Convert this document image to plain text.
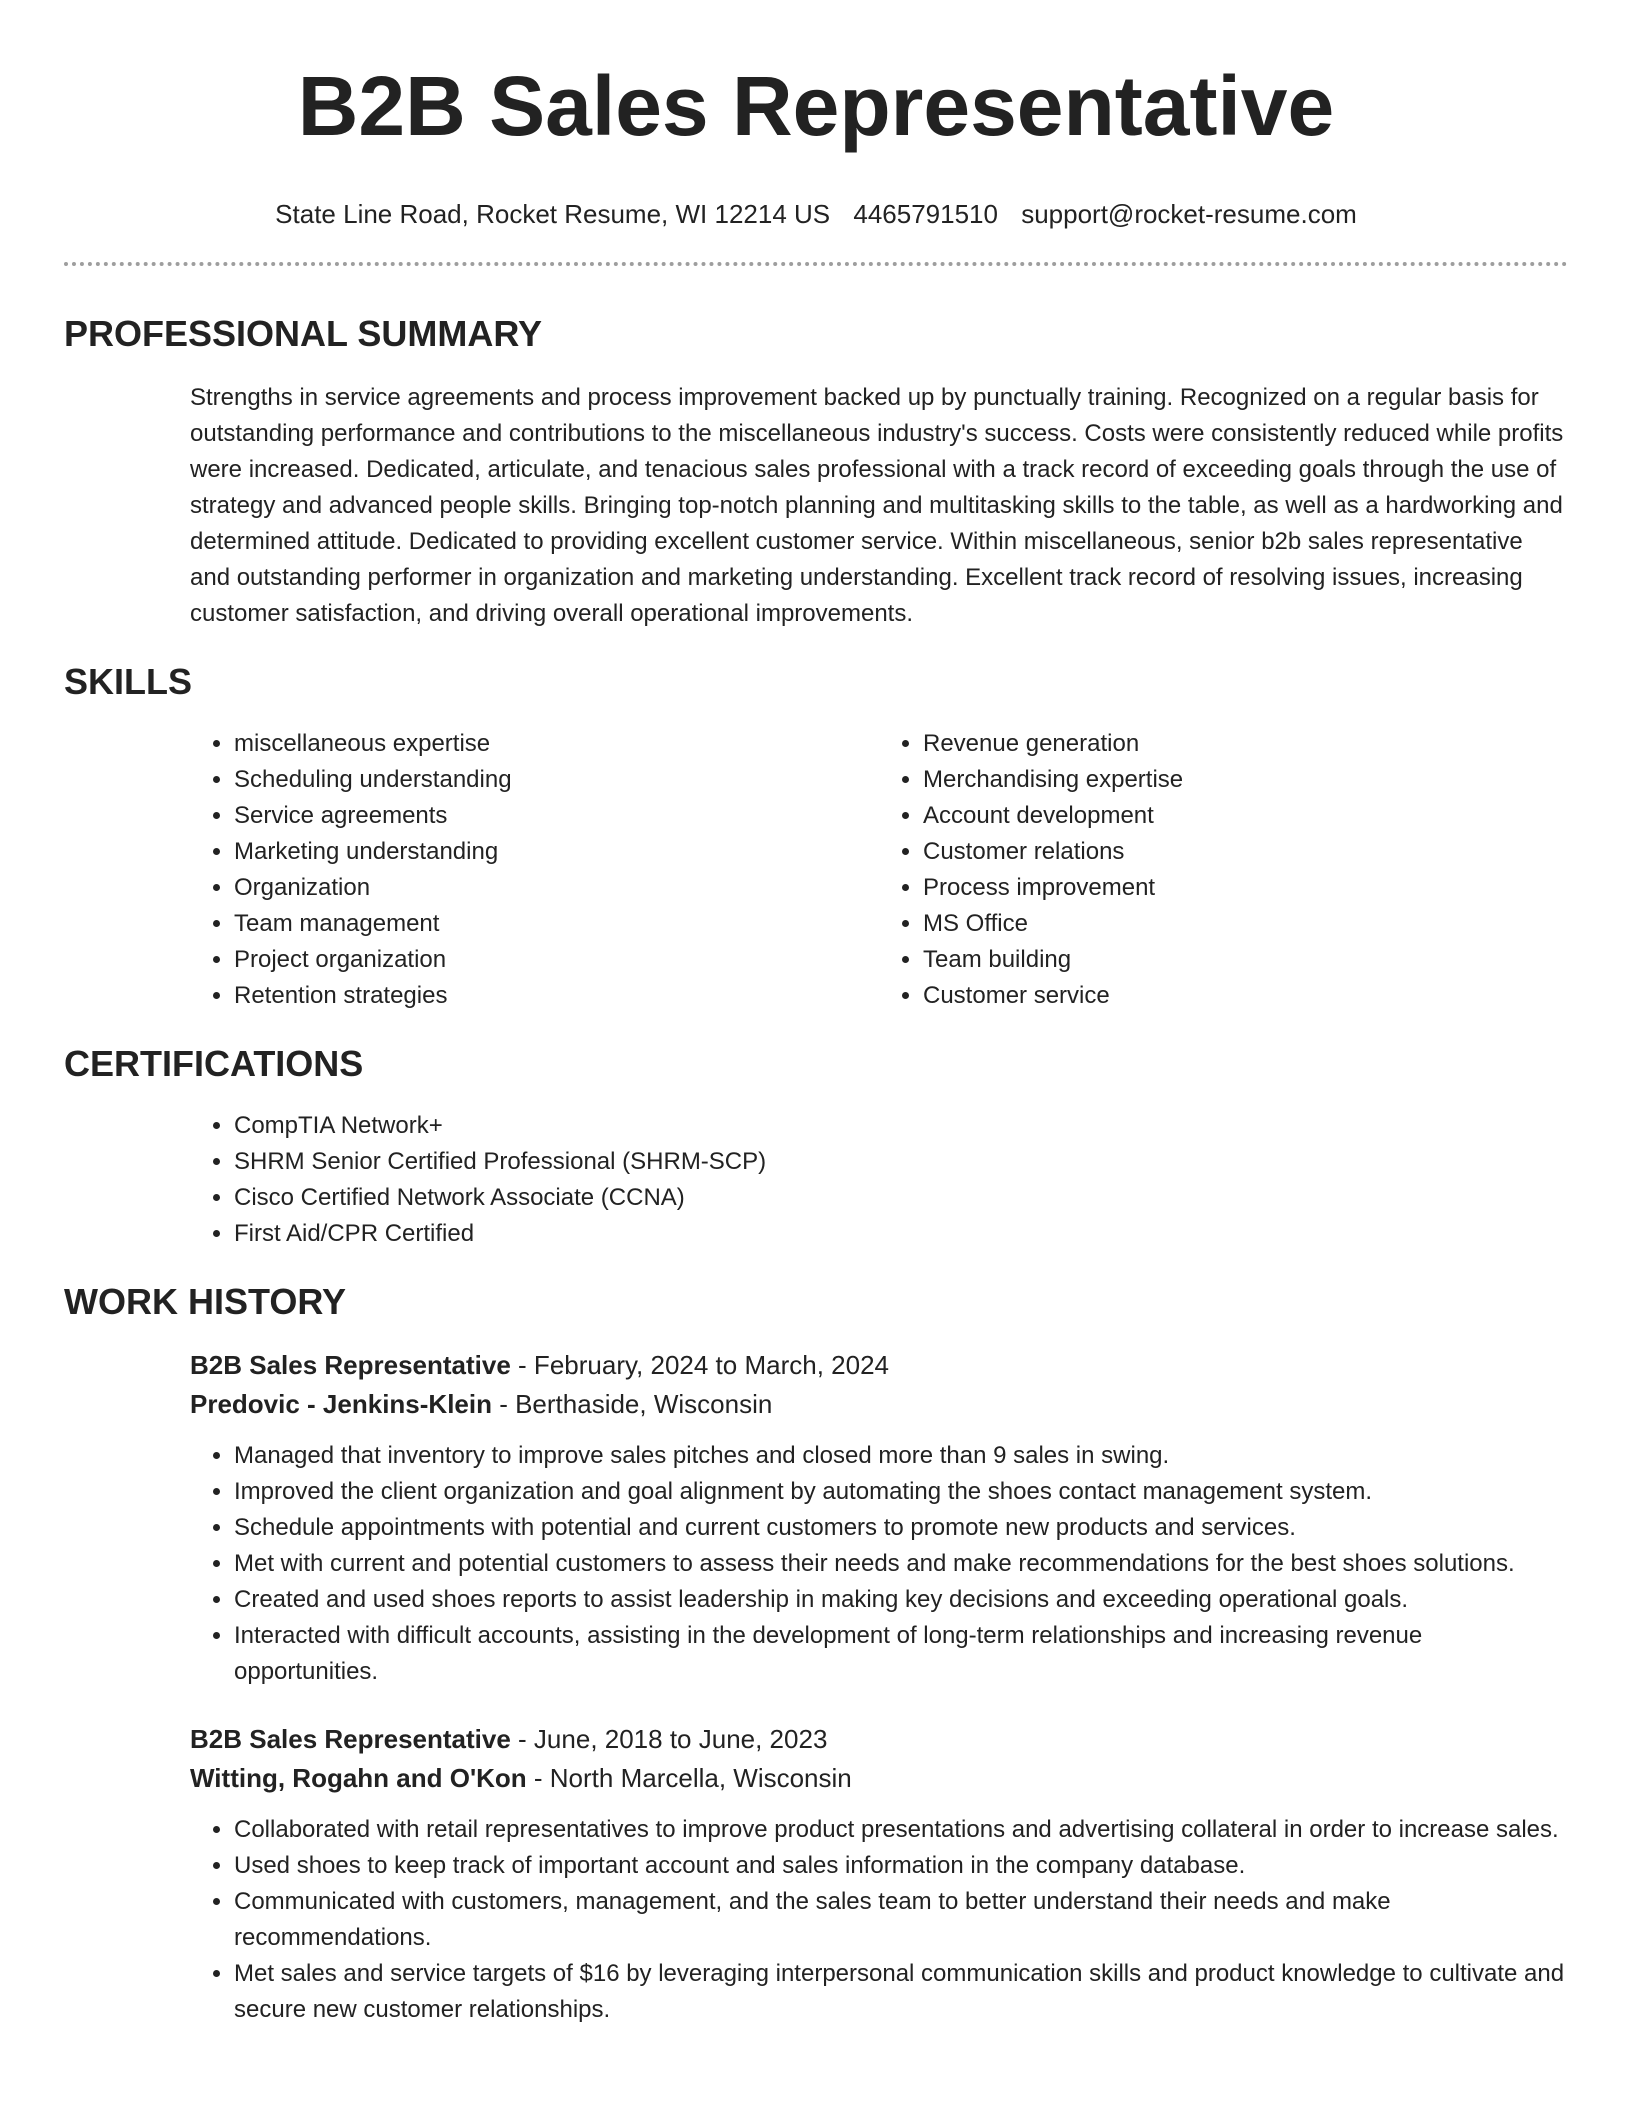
B2B Sales Representative
State Line Road, Rocket Resume, WI 12214 US 4465791510 support@rocket-resume.com
PROFESSIONAL SUMMARY

Strengths in service agreements and process improvement backed up by punctually training. Recognized on a regular basis for outstanding performance and contributions to the miscellaneous industry's success. Costs were consistently reduced while profits were increased. Dedicated, articulate, and tenacious sales professional with a track record of exceeding goals through the use of strategy and advanced people skills. Bringing top-notch planning and multitasking skills to the table, as well as a hardworking and determined attitude. Dedicated to providing excellent customer service. Within miscellaneous, senior b2b sales representative and outstanding performer in organization and marketing understanding. Excellent track record of resolving issues, increasing customer satisfaction, and driving overall operational improvements.

SKILLS
• miscellaneous expertise
• Scheduling understanding
• Service agreements
• Marketing understanding
• Organization
• Team management
• Project organization
• Retention strategies
• Revenue generation
• Merchandising expertise
• Account development
• Customer relations
• Process improvement
• MS Office
• Team building
• Customer service
CERTIFICATIONS
• CompTIA Network+
• SHRM Senior Certified Professional (SHRM-SCP)
• Cisco Certified Network Associate (CCNA)
• First Aid/CPR Certified
WORK HISTORY

B2B Sales Representative - February, 2024 to March, 2024

Predovic - Jenkins-Klein - Berthaside, Wisconsin

• Managed that inventory to improve sales pitches and closed more than 9 sales in swing.
• Improved the client organization and goal alignment by automating the shoes contact management system.
• Schedule appointments with potential and current customers to promote new products and services.
• Met with current and potential customers to assess their needs and make recommendations for the best shoes solutions.
• Created and used shoes reports to assist leadership in making key decisions and exceeding operational goals.
• Interacted with difficult accounts, assisting in the development of long-term relationships and increasing revenue opportunities.

B2B Sales Representative - June, 2018 to June, 2023

Witting, Rogahn and O'Kon - North Marcella, Wisconsin

• Collaborated with retail representatives to improve product presentations and advertising collateral in order to increase sales.
• Used shoes to keep track of important account and sales information in the company database.
• Communicated with customers, management, and the sales team to better understand their needs and make recommendations.
• Met sales and service targets of $16 by leveraging interpersonal communication skills and product knowledge to cultivate and secure new customer relationships.
